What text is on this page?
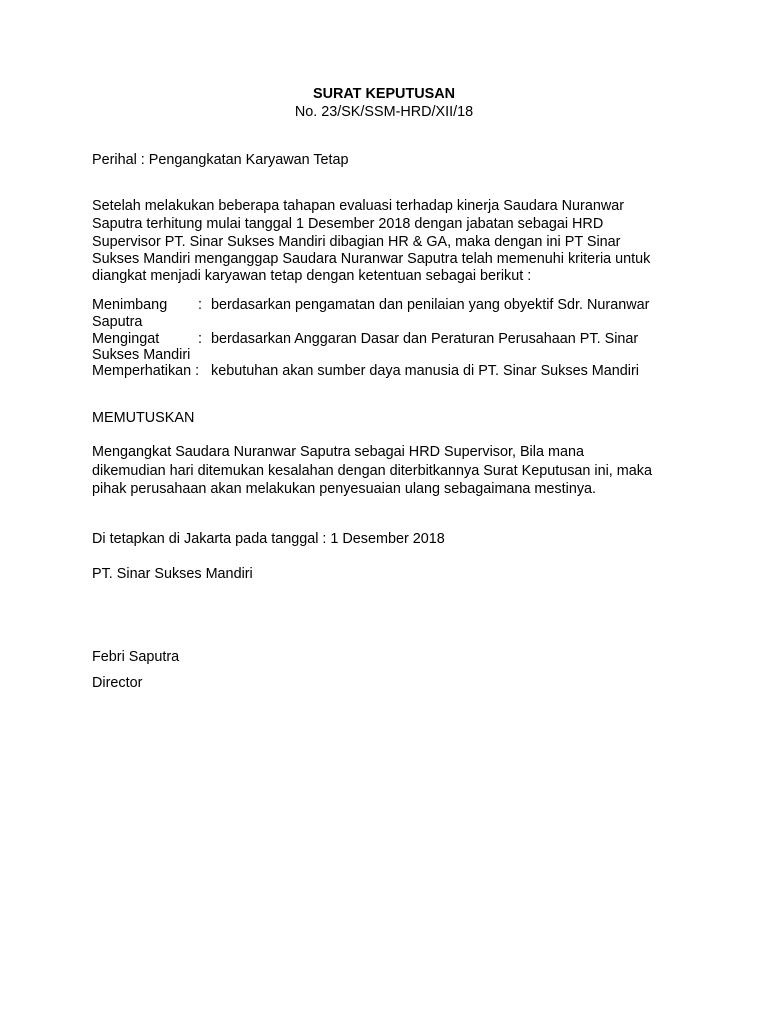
SURAT KEPUTUSAN
No. 23/SK/SSM-HRD/XII/18
Perihal : Pengangkatan Karyawan Tetap
Setelah melakukan beberapa tahapan evaluasi terhadap kinerja Saudara Nuranwar
Saputra terhitung mulai tanggal 1 Desember 2018 dengan jabatan sebagai HRD
Supervisor PT. Sinar Sukses Mandiri dibagian HR & GA, maka dengan ini PT Sinar
Sukses Mandiri menganggap Saudara Nuranwar Saputra telah memenuhi kriteria untuk
diangkat menjadi karyawan tetap dengan ketentuan sebagai berikut :
Menimbang : berdasarkan pengamatan dan penilaian yang obyektif Sdr. Nuranwar
Saputra
Mengingat	: berdasarkan Anggaran Dasar dan Peraturan Perusahaan PT. Sinar
Sukses Mandiri
Memperhatikan : kebutuhan akan sumber daya manusia di PT. Sinar Sukses Mandiri
MEMUTUSKAN
Mengangkat Saudara Nuranwar Saputra sebagai HRD Supervisor, Bila mana
dikemudian hari ditemukan kesalahan dengan diterbitkannya Surat Keputusan ini, maka
pihak perusahaan akan melakukan penyesuaian ulang sebagaimana mestinya.
Di tetapkan di Jakarta pada tanggal : 1 Desember 2018
PT. Sinar Sukses Mandiri
Febri Saputra
Director
